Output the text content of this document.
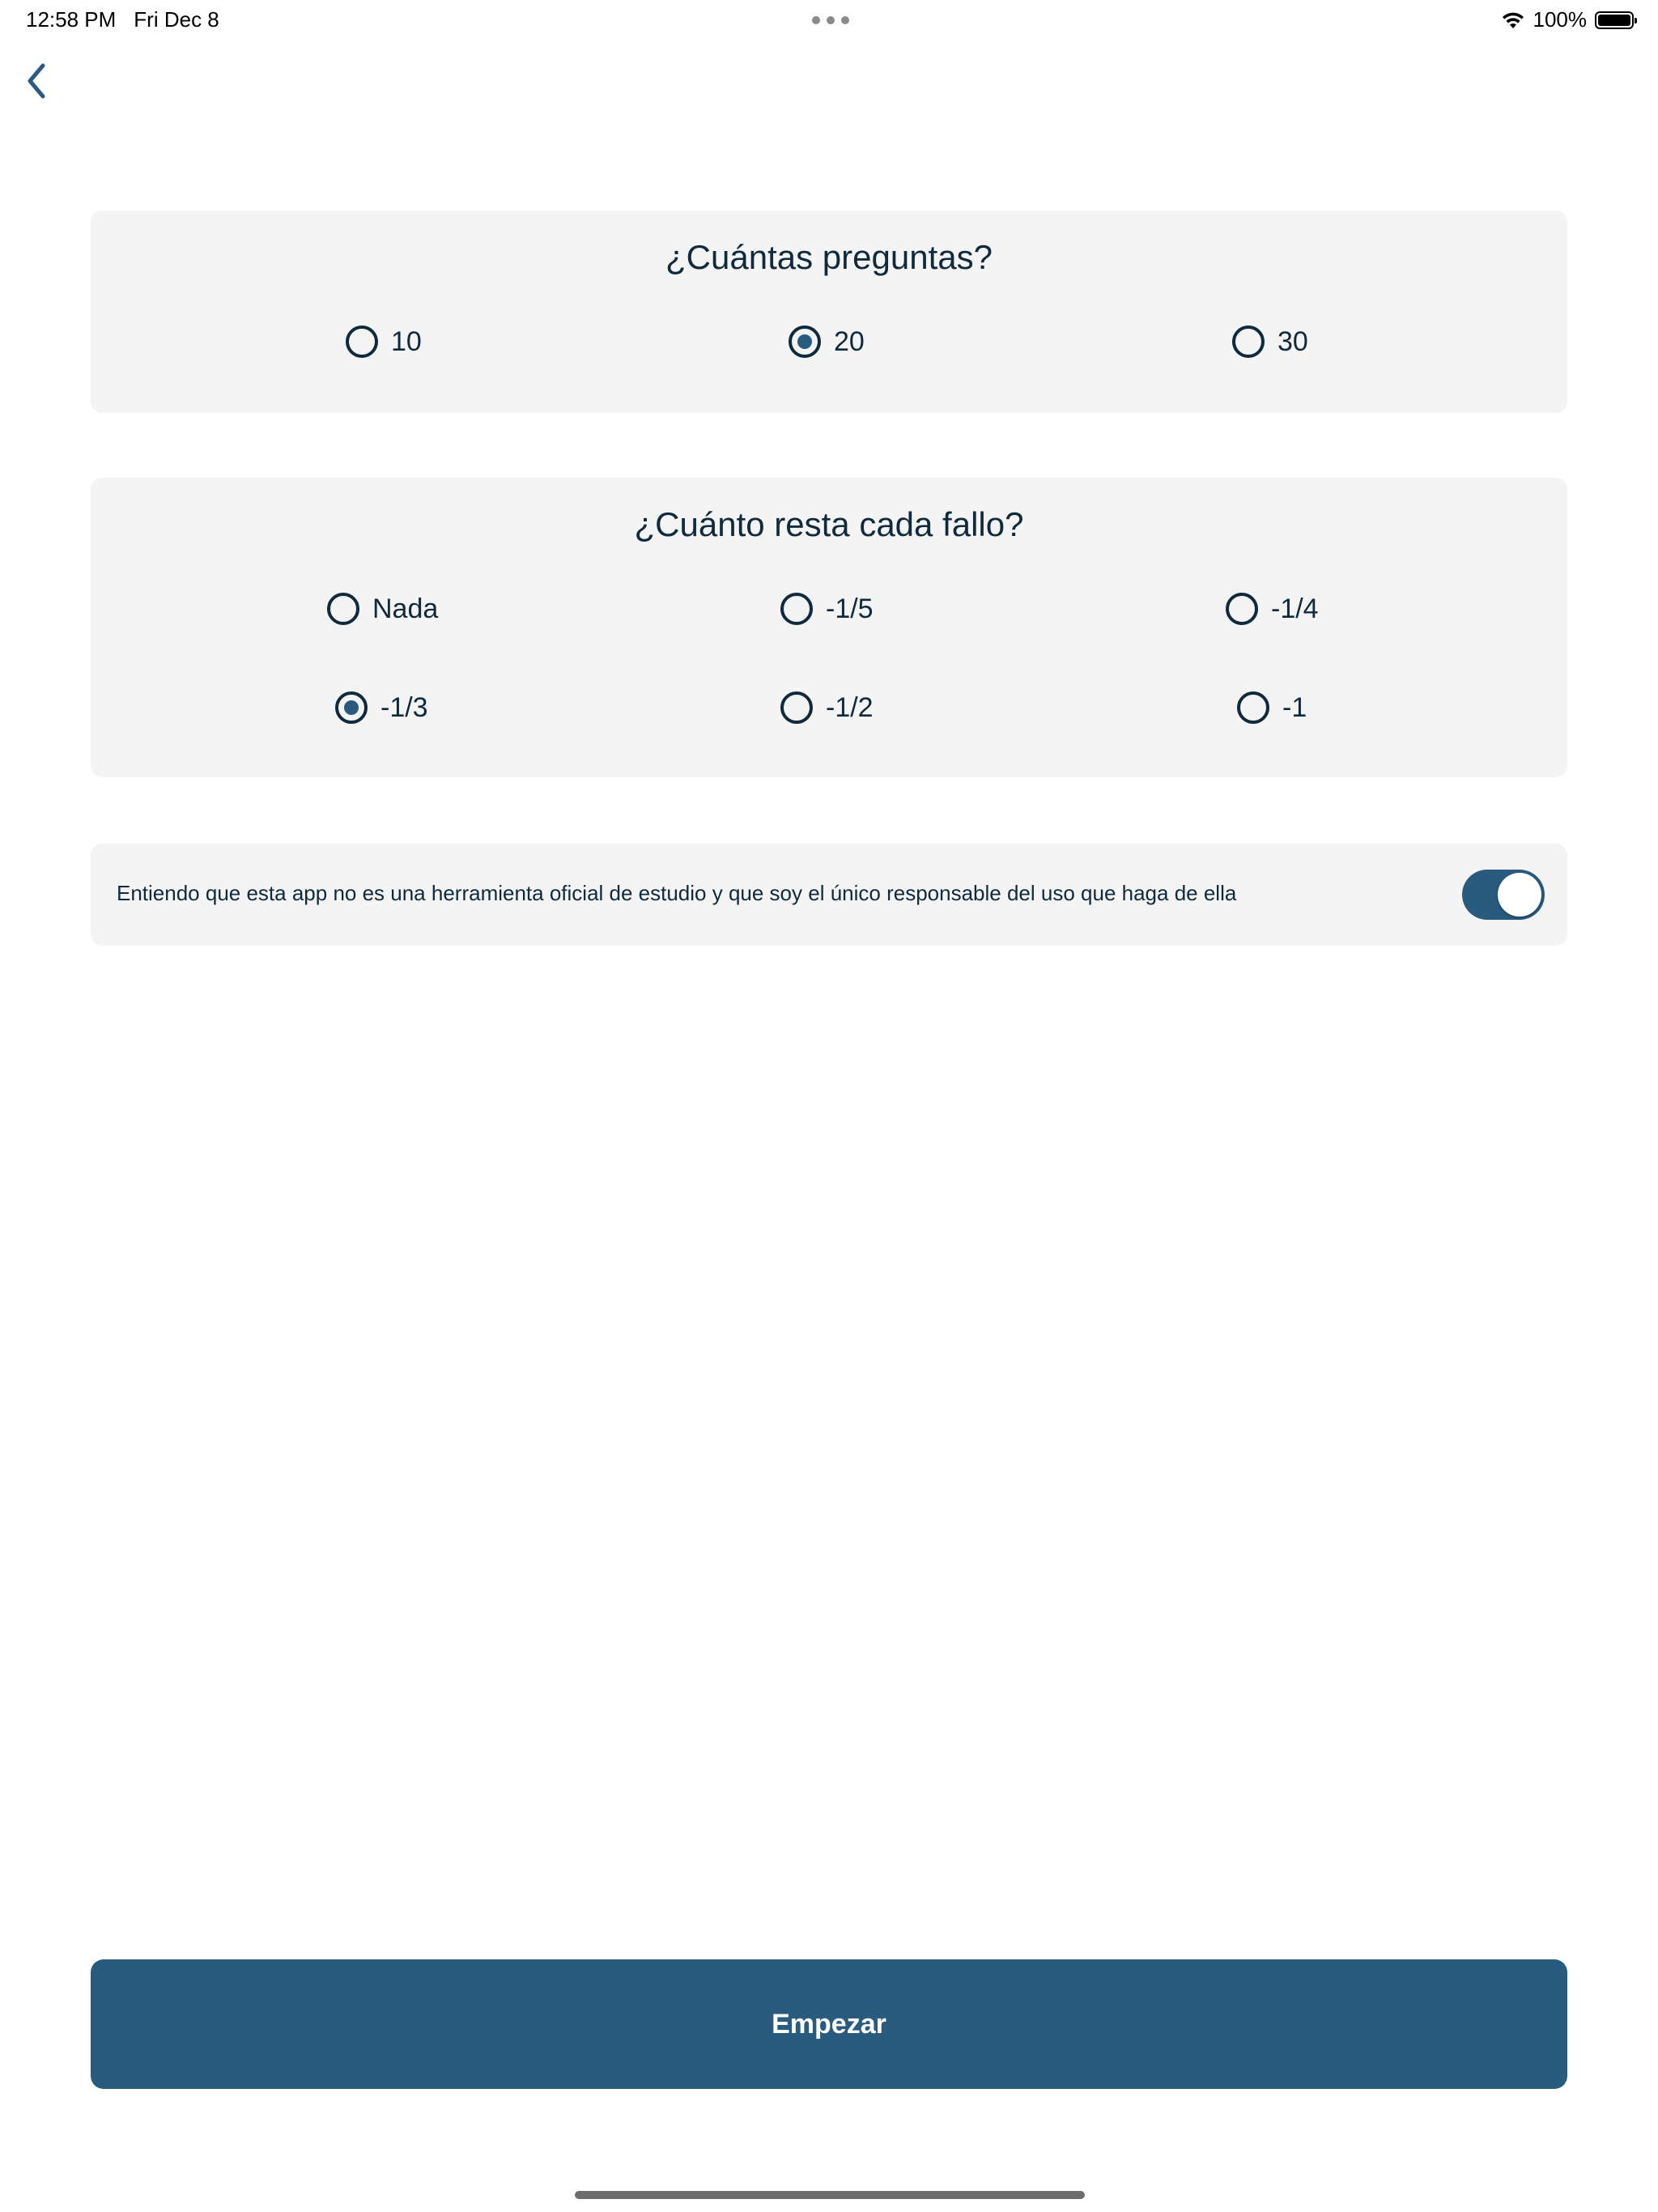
12:58 PM Fri Dec 8	100%
¿Cuántas preguntas?
10	20	30
¿Cuánto resta cada fallo?
Nada	-1/5	-1/4
-1/3	-1/2	-1
Entiendo que esta app no es una herramienta oficial de estudio y que soy el único responsable del uso que haga de ella
Empezar
